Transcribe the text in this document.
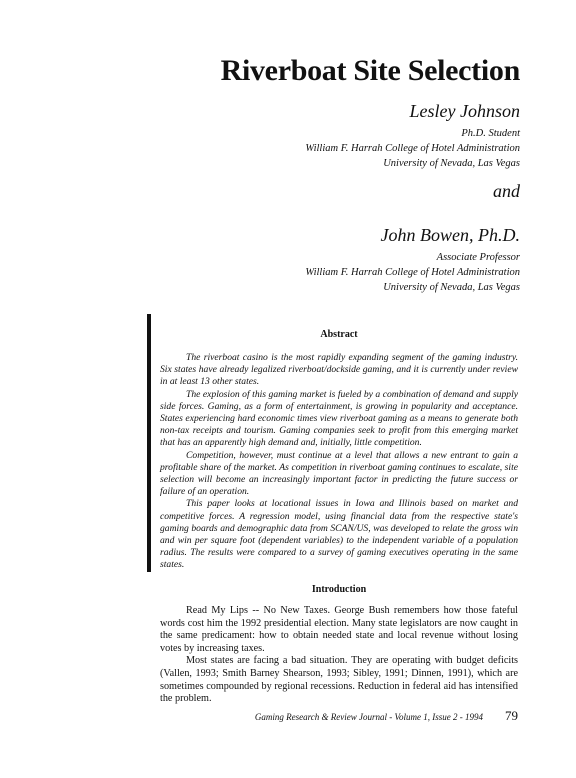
Riverboat Site Selection
Lesley Johnson
Ph.D. Student
William F. Harrah College of Hotel Administration
University of Nevada, Las Vegas
and
John Bowen, Ph.D.
Associate Professor
William F. Harrah College of Hotel Administration
University of Nevada, Las Vegas
Abstract

The riverboat casino is the most rapidly expanding segment of the gaming industry. Six states have already legalized riverboat/dockside gaming, and it is currently under review in at least 13 other states.

The explosion of this gaming market is fueled by a combination of demand and supply side forces. Gaming, as a form of entertainment, is growing in popularity and acceptance. States experiencing hard economic times view riverboat gaming as a means to generate both non-tax receipts and tourism. Gaming companies seek to profit from this emerging market that has an apparently high demand and, initially, little competition.

Competition, however, must continue at a level that allows a new entrant to gain a profitable share of the market. As competition in riverboat gaming continues to escalate, site selection will become an increasingly important factor in predicting the future success or failure of an operation.

This paper looks at locational issues in Iowa and Illinois based on market and competitive forces. A regression model, using financial data from the respective state's gaming boards and demographic data from SCAN/US, was developed to relate the gross win and win per square foot (dependent variables) to the independent variable of a population radius. The results were compared to a survey of gaming executives operating in the same states.

Introduction

Read My Lips -- No New Taxes. George Bush remembers how those fateful words cost him the 1992 presidential election. Many state legislators are now caught in the same predicament: how to obtain needed state and local revenue without losing votes by increasing taxes.

Most states are facing a bad situation. They are operating with budget deficits (Vallen, 1993; Smith Barney Shearson, 1993; Sibley, 1991; Dinnen, 1991), which are sometimes compounded by regional recessions. Reduction in federal aid has intensified the problem.

Gaming Research & Review Journal - Volume 1, Issue 2 - 1994 79
